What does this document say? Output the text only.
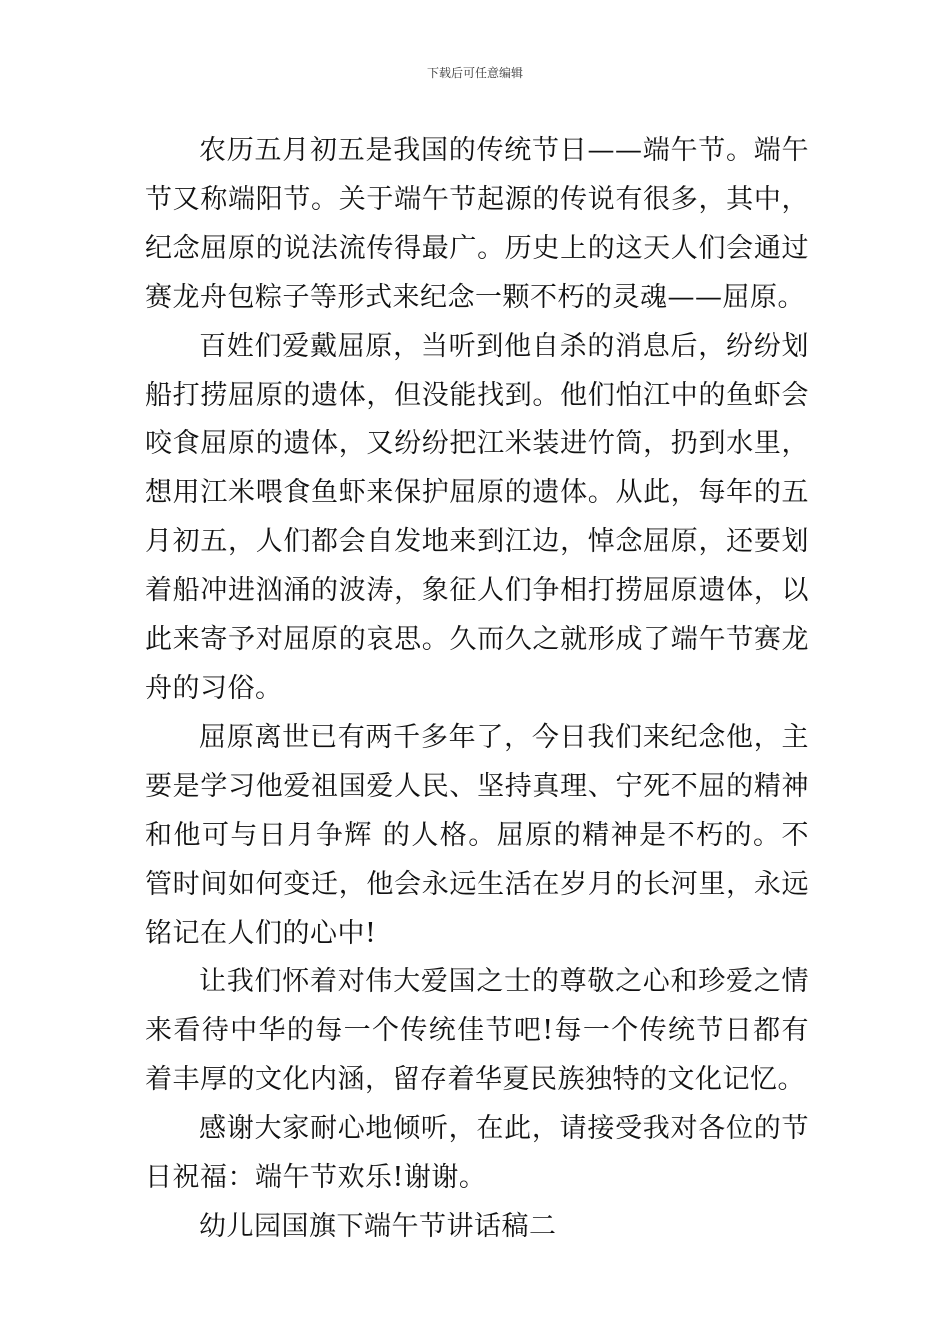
下载后可任意编辑

农历五月初五是我国的传统节日——端午节。端午节又称端阳节。关于端午节起源的传说有很多，其中，纪念屈原的说法流传得最广。历史上的这天人们会通过赛龙舟包粽子等形式来纪念一颗不朽的灵魂——屈原。

百姓们爱戴屈原，当听到他自杀的消息后，纷纷划船打捞屈原的遗体，但没能找到。他们怕江中的鱼虾会咬食屈原的遗体，又纷纷把江米装进竹筒，扔到水里，想用江米喂食鱼虾来保护屈原的遗体。从此，每年的五月初五，人们都会自发地来到江边，悼念屈原，还要划着船冲进汹涌的波涛，象征人们争相打捞屈原遗体，以此来寄予对屈原的哀思。久而久之就形成了端午节赛龙舟的习俗。

屈原离世已有两千多年了，今日我们来纪念他，主要是学习他爱祖国爱人民、坚持真理、宁死不屈的精神和他可与日月争辉 的人格。屈原的精神是不朽的。不管时间如何变迁，他会永远生活在岁月的长河里，永远铭记在人们的心中!

让我们怀着对伟大爱国之士的尊敬之心和珍爱之情来看待中华的每一个传统佳节吧!每一个传统节日都有着丰厚的文化内涵，留存着华夏民族独特的文化记忆。

感谢大家耐心地倾听，在此，请接受我对各位的节日祝福：端午节欢乐!谢谢。

幼儿园国旗下端午节讲话稿二
